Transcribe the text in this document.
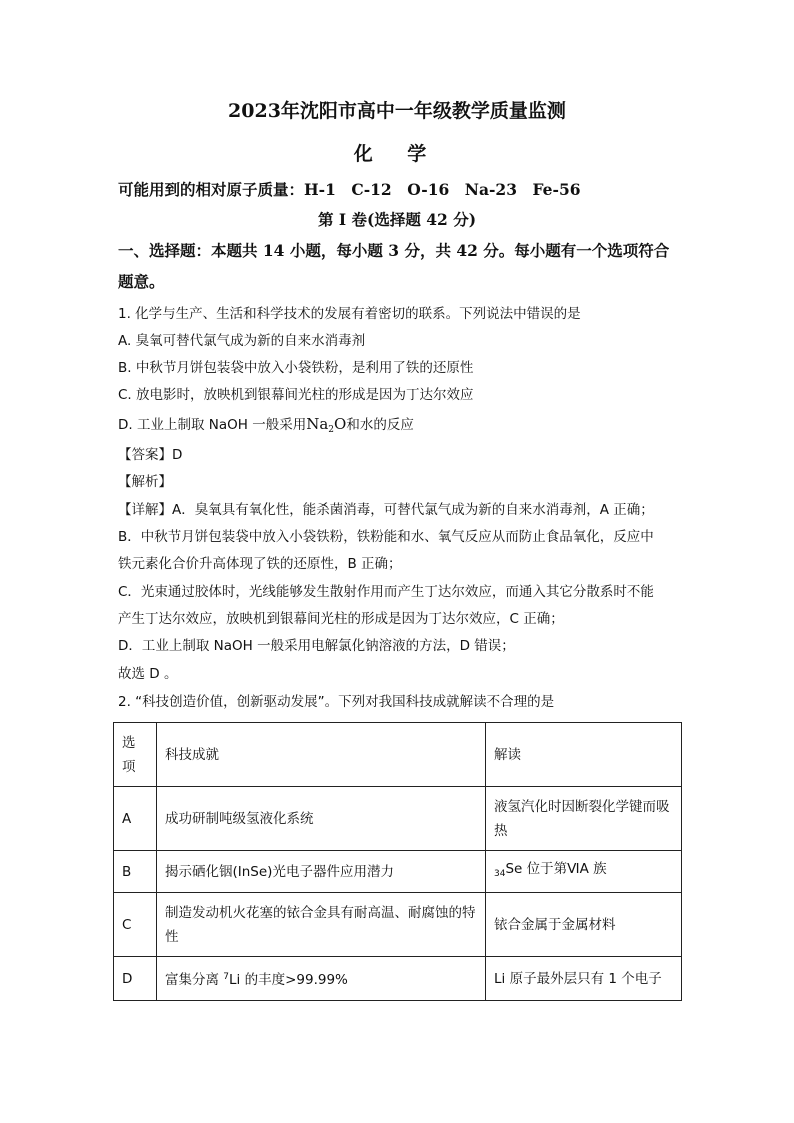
2023年沈阳市高中一年级教学质量监测
化 学
可能用到的相对原子质量：H-1　C-12　O-16　Na-23　Fe-56
第 I 卷(选择题 42 分)
一、选择题：本题共 14 小题，每小题 3 分，共 42 分。每小题有一个选项符合
题意。
1. 化学与生产、生活和科学技术的发展有着密切的联系。下列说法中错误的是
A. 臭氧可替代氯气成为新的自来水消毒剂
B. 中秋节月饼包装袋中放入小袋铁粉，是利用了铁的还原性
C. 放电影时，放映机到银幕间光柱的形成是因为丁达尔效应
D. 工业上制取 NaOH 一般采用$Na_2O$和水的反应
【答案】D
【解析】
【详解】A．臭氧具有氧化性，能杀菌消毒，可替代氯气成为新的自来水消毒剂，A 正确；
B．中秋节月饼包装袋中放入小袋铁粉，铁粉能和水、氧气反应从而防止食品氧化，反应中
铁元素化合价升高体现了铁的还原性，B 正确；
C．光束通过胶体时，光线能够发生散射作用而产生丁达尔效应，而通入其它分散系时不能
产生丁达尔效应，放映机到银幕间光柱的形成是因为丁达尔效应，C 正确；
D．工业上制取 NaOH 一般采用电解氯化钠溶液的方法，D 错误；
故选 D 。
2. “科技创造价值，创新驱动发展”。下列对我国科技成就解读不合理的是
选项	科技成就	解读
A	成功研制吨级氢液化系统	液氢汽化时因断裂化学键而吸热
B	揭示硒化铟(InSe)光电子器件应用潜力	$_{34}$Se 位于第ⅥA 族
C	制造发动机火花塞的铱合金具有耐高温、耐腐蚀的特性	铱合金属于金属材料
D	富集分离 $^7$Li 的丰度>99.99%	Li 原子最外层只有 1 个电子
